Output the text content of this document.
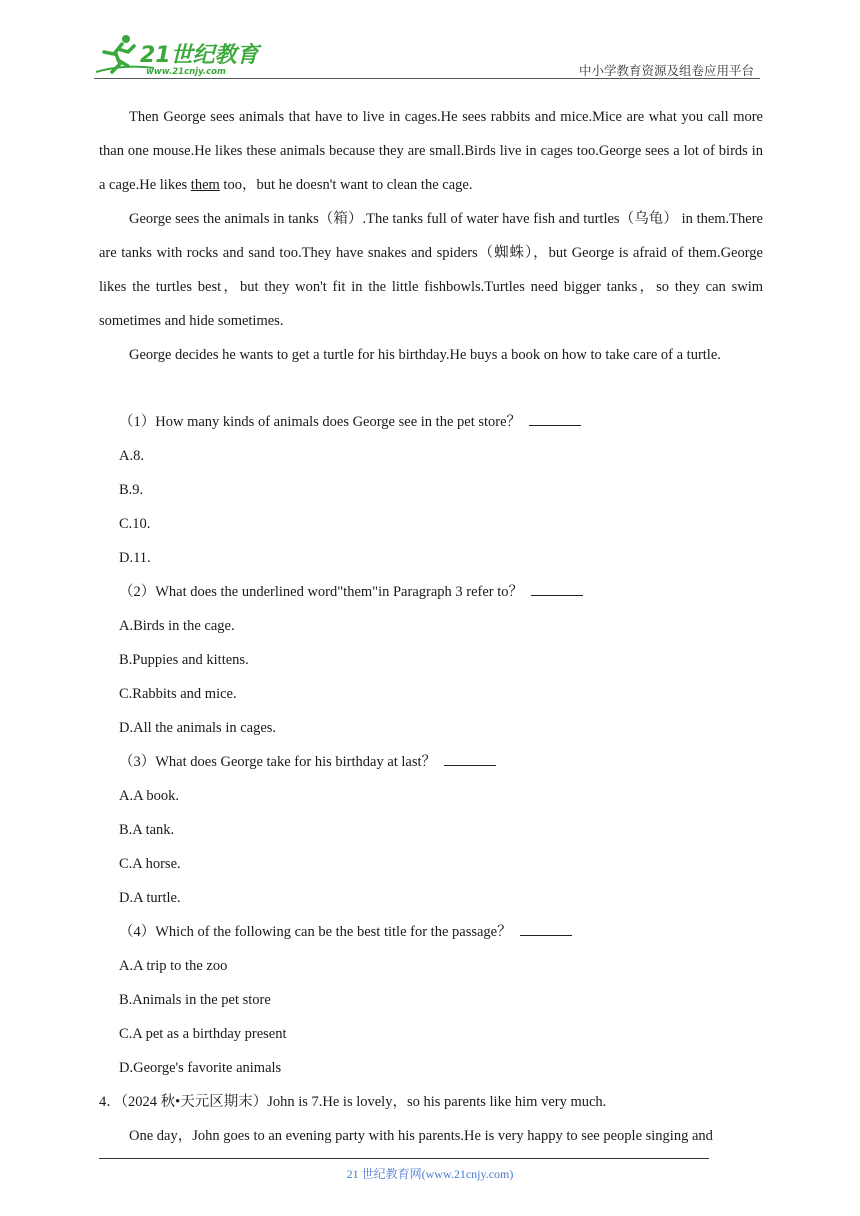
21世纪教育
www.21cnjy.com	中小学教育资源及组卷应用平台

Then George sees animals that have to live in cages.He sees rabbits and mice.Mice are what you call more than one mouse.He likes these animals because they are small.Birds live in cages too.George sees a lot of birds in a cage.He likes them too，but he doesn't want to clean the cage.

George sees the animals in tanks（箱）.The tanks full of water have fish and turtles（乌龟） in them.There are tanks with rocks and sand too.They have snakes and spiders（蜘蛛），but George is afraid of them.George likes the turtles best，but they won't fit in the little fishbowls.Turtles need bigger tanks，so they can swim sometimes and hide sometimes.

George decides he wants to get a turtle for his birthday.He buys a book on how to take care of a turtle.

（1）How many kinds of animals does George see in the pet store？
A.8.
B.9.
C.10.
D.11.
（2）What does the underlined word"them"in Paragraph 3 refer to？
A.Birds in the cage.
B.Puppies and kittens.
C.Rabbits and mice.
D.All the animals in cages.
（3）What does George take for his birthday at last？
A.A book.
B.A tank.
C.A horse.
D.A turtle.
（4）Which of the following can be the best title for the passage？
A.A trip to the zoo
B.Animals in the pet store
C.A pet as a birthday present
D.George's favorite animals
4．（2024 秋•天元区期末）John is 7.He is lovely，so his parents like him very much.

One day，John goes to an evening party with his parents.He is very happy to see people singing and

21 世纪教育网(www.21cnjy.com)
